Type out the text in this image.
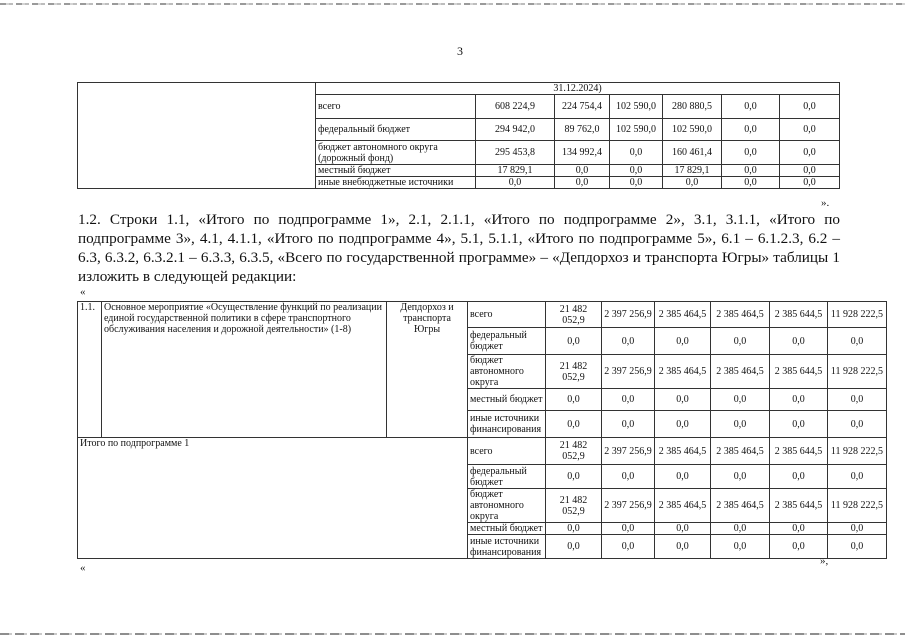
3
	31.12.2024)						
	всего	608 224,9	224 754,4	102 590,0	280 880,5	0,0	0,0
	федеральный бюджет	294 942,0	89 762,0	102 590,0	102 590,0	0,0	0,0
	бюджет автономного округа (дорожный фонд)	295 453,8	134 992,4	0,0	160 461,4	0,0	0,0
	местный бюджет	17 829,1	0,0	0,0	17 829,1	0,0	0,0
	иные внебюджетные источники	0,0	0,0	0,0	0,0	0,0	0,0
».

1.2. Строки 1.1, «Итого по подпрограмме 1», 2.1, 2.1.1, «Итого по подпрограмме 2», 3.1, 3.1.1, «Итого по подпрограмме 3», 4.1, 4.1.1, «Итого по подпрограмме 4», 5.1, 5.1.1, «Итого по подпрограмме 5», 6.1 – 6.1.2.3, 6.2 – 6.3, 6.3.2, 6.3.2.1 – 6.3.3, 6.3.5, «Всего по государственной программе» – «Депдорхоз и транспорта Югры» таблицы 1 изложить в следующей редакции:

«
1.1.	Основное мероприятие «Осуществление функций по реализации единой государственной политики в сфере транспортного обслуживания населения и дорожной деятельности» (1-8)	Депдорхоз и транспорта Югры	всего	21 482 052,9	2 397 256,9	2 385 464,5	2 385 464,5	2 385 644,5	11 928 222,5
			федеральный бюджет	0,0	0,0	0,0	0,0	0,0	0,0
			бюджет автономного округа	21 482 052,9	2 397 256,9	2 385 464,5	2 385 464,5	2 385 644,5	11 928 222,5
			местный бюджет	0,0	0,0	0,0	0,0	0,0	0,0
			иные источники финансирования	0,0	0,0	0,0	0,0	0,0	0,0
Итого по подпрограмме 1			всего	21 482 052,9	2 397 256,9	2 385 464,5	2 385 464,5	2 385 644,5	11 928 222,5
			федеральный бюджет	0,0	0,0	0,0	0,0	0,0	0,0
			бюджет автономного округа	21 482 052,9	2 397 256,9	2 385 464,5	2 385 464,5	2 385 644,5	11 928 222,5
			местный бюджет	0,0	0,0	0,0	0,0	0,0	0,0
			иные источники финансирования	0,0	0,0	0,0	0,0	0,0	0,0
«
»,
